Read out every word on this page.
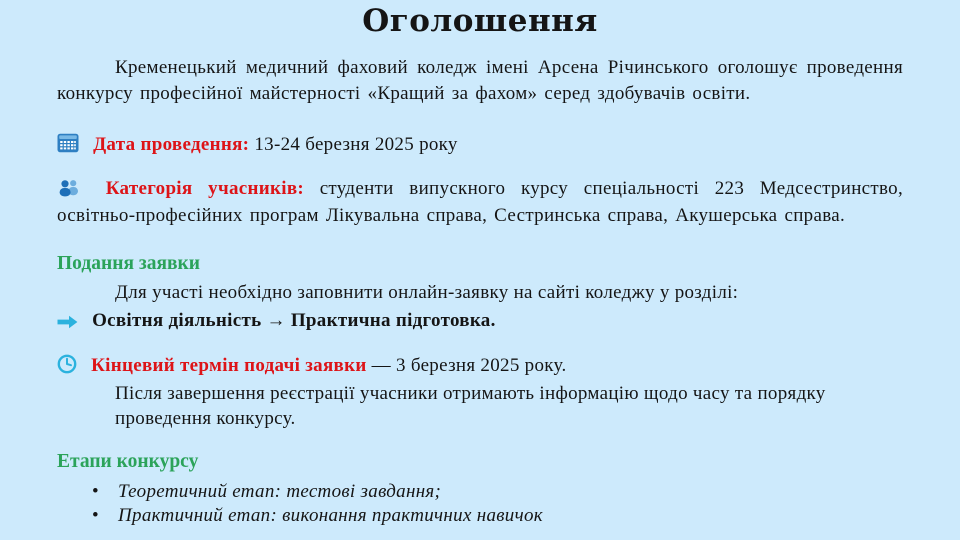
Оголошення

Кременецький медичний фаховий коледж імені Арсена Річинського оголошує проведення конкурсу професійної майстерності «Кращий за фахом» серед здобувачів освіти.

Дата проведення: 13-24 березня 2025 року

Категорія учасників: студенти випускного курсу спеціальності 223 Медсестринство, освітньо-професійних програм Лікувальна справа, Сестринська справа, Акушерська справа.

Подання заявки
Для участі необхідно заповнити онлайн-заявку на сайті коледжу у розділі:
Освітня діяльність → Практична підготовка.
Кінцевий термін подачі заявки — 3 березня 2025 року.
Після завершення реєстрації учасники отримають інформацію щодо часу та порядку проведення конкурсу.
Етапи конкурсу
• Теоретичний етап: тестові завдання;
• Практичний етап: виконання практичних навичок
